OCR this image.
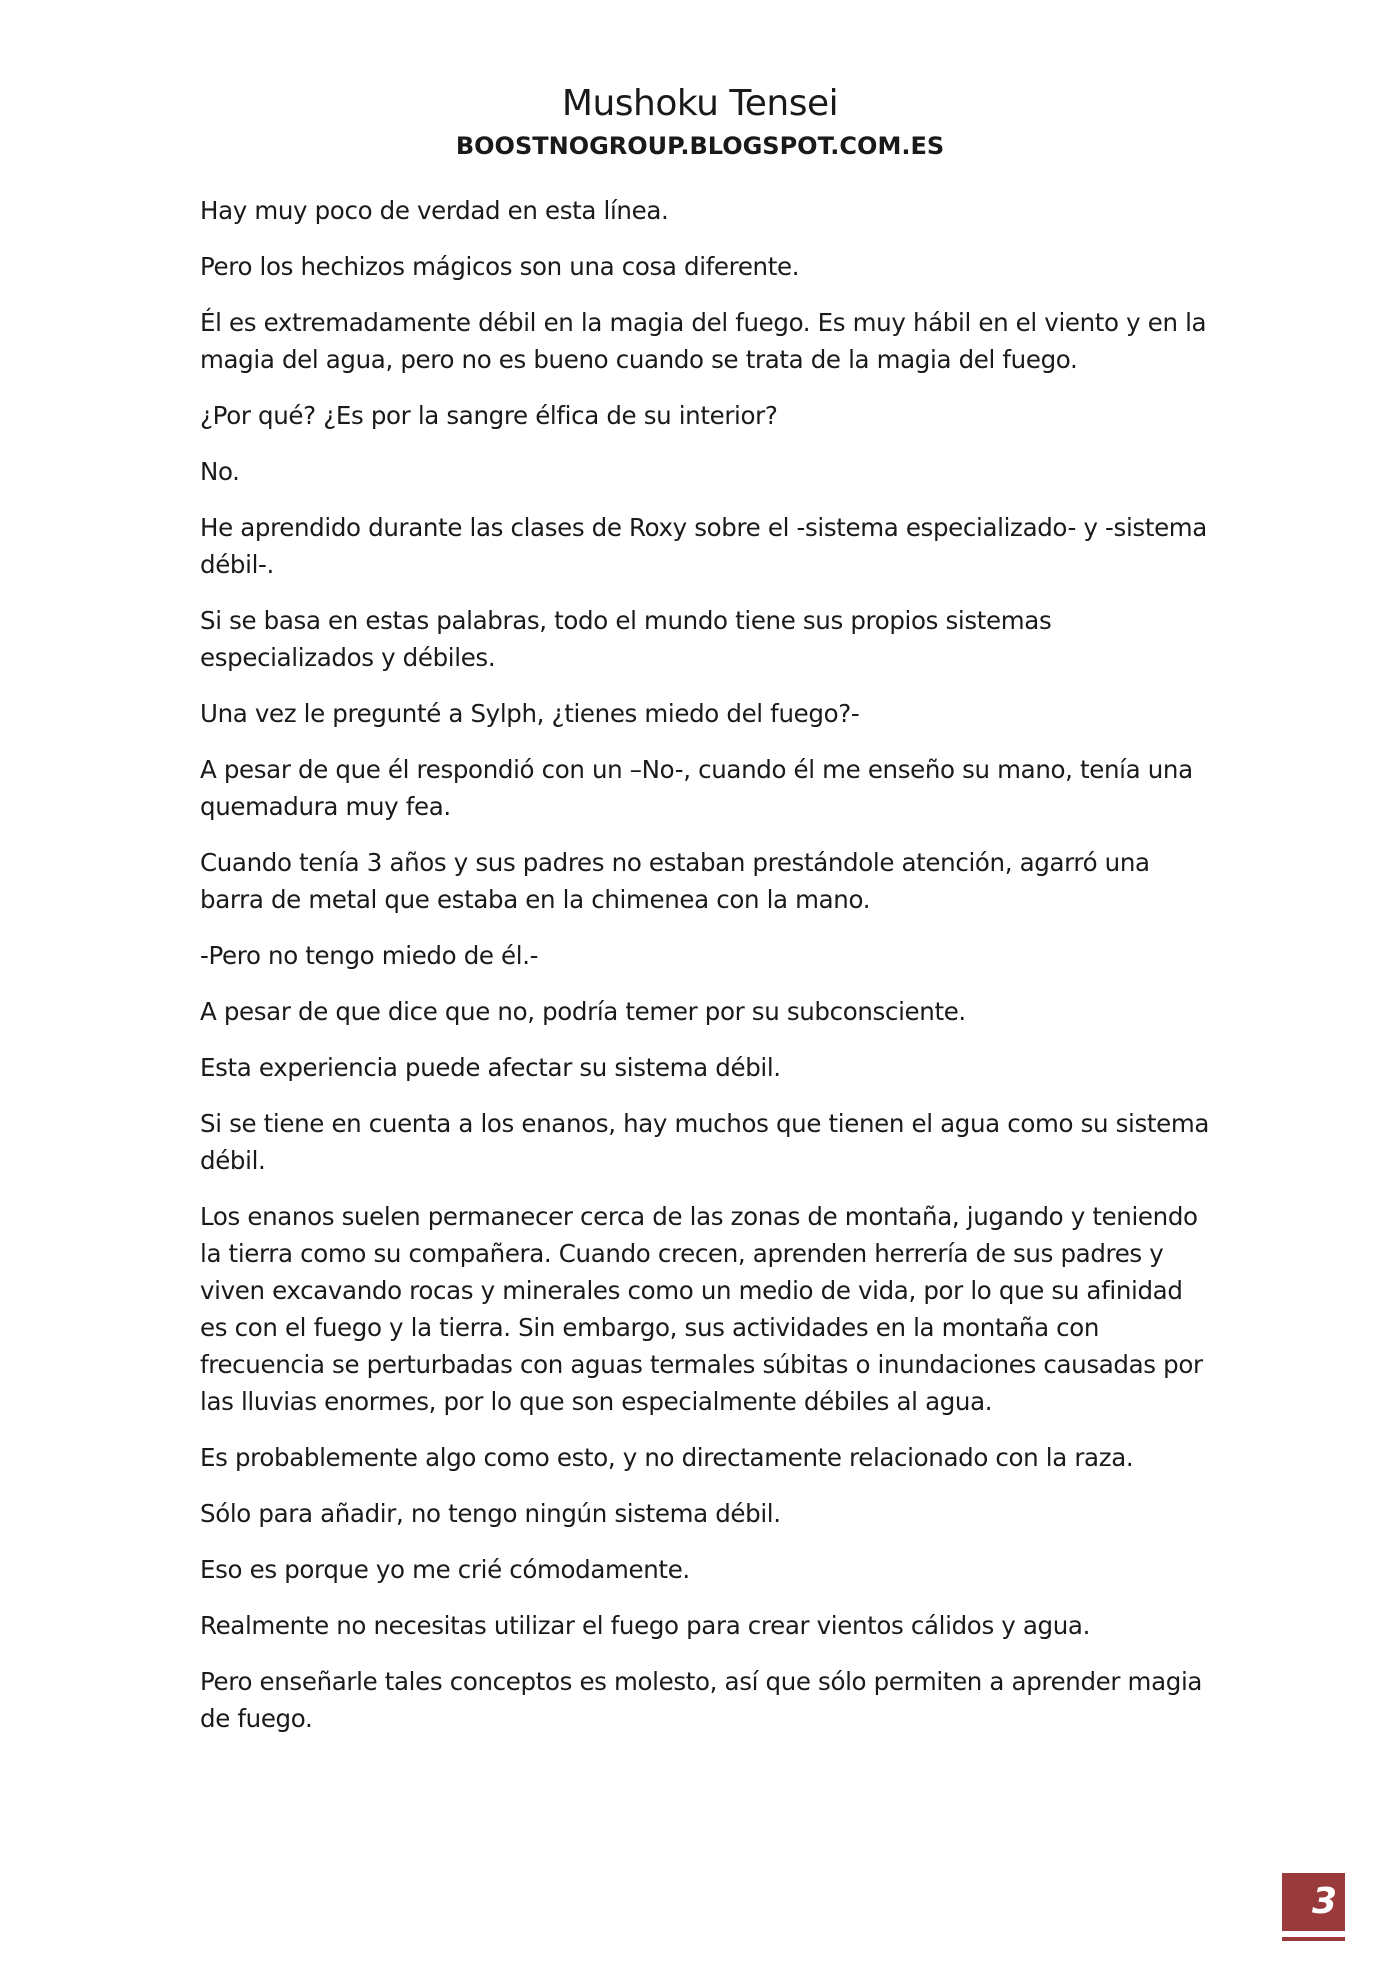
Mushoku Tensei
BOOSTNOGROUP.BLOGSPOT.COM.ES

Hay muy poco de verdad en esta línea.

Pero los hechizos mágicos son una cosa diferente.

Él es extremadamente débil en la magia del fuego. Es muy hábil en el viento y en la magia del agua, pero no es bueno cuando se trata de la magia del fuego.

¿Por qué? ¿Es por la sangre élfica de su interior?

No.

He aprendido durante las clases de Roxy sobre el -sistema especializado- y -sistema débil-.

Si se basa en estas palabras, todo el mundo tiene sus propios sistemas especializados y débiles.

Una vez le pregunté a Sylph, ¿tienes miedo del fuego?-

A pesar de que él respondió con un –No-, cuando él me enseño su mano, tenía una quemadura muy fea.

Cuando tenía 3 años y sus padres no estaban prestándole atención, agarró una barra de metal que estaba en la chimenea con la mano.

-Pero no tengo miedo de él.-

A pesar de que dice que no, podría temer por su subconsciente.

Esta experiencia puede afectar su sistema débil.

Si se tiene en cuenta a los enanos, hay muchos que tienen el agua como su sistema débil.

Los enanos suelen permanecer cerca de las zonas de montaña, jugando y teniendo la tierra como su compañera. Cuando crecen, aprenden herrería de sus padres y viven excavando rocas y minerales como un medio de vida, por lo que su afinidad es con el fuego y la tierra. Sin embargo, sus actividades en la montaña con frecuencia se perturbadas con aguas termales súbitas o inundaciones causadas por las lluvias enormes, por lo que son especialmente débiles al agua.

Es probablemente algo como esto, y no directamente relacionado con la raza.

Sólo para añadir, no tengo ningún sistema débil.

Eso es porque yo me crié cómodamente.

Realmente no necesitas utilizar el fuego para crear vientos cálidos y agua.

Pero enseñarle tales conceptos es molesto, así que sólo permiten a aprender magia de fuego.

3
